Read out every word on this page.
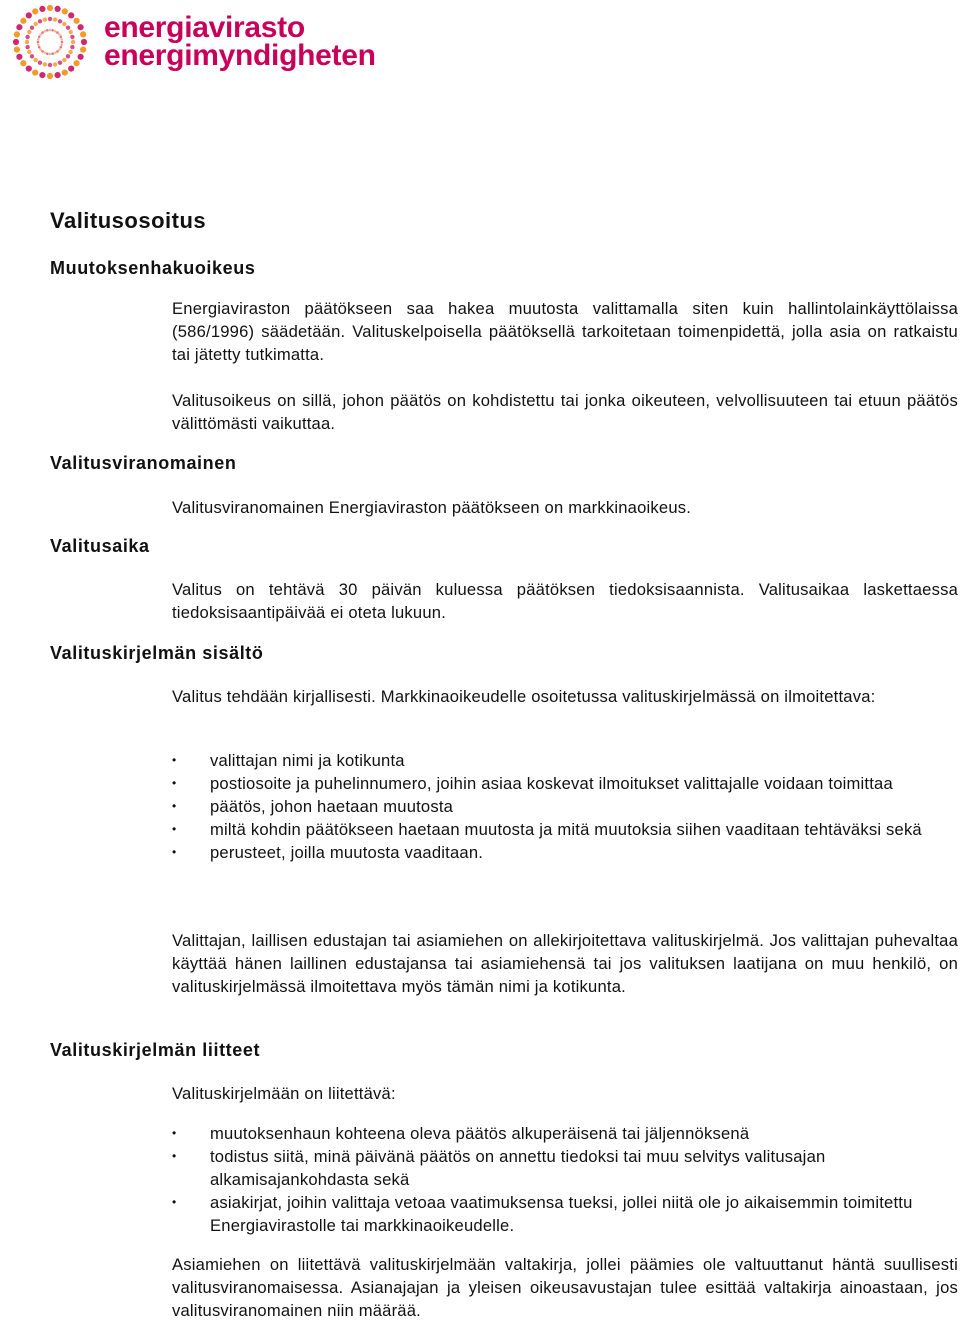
energiavirasto
energimyndigheten
Valitusosoitus
Muutoksenhakuoikeus
Valitusviranomainen
Valitusaika
Valituskirjelmän sisältö
Valituskirjelmän liitteet

Energiaviraston päätökseen saa hakea muutosta valittamalla siten kuin hallintolainkäyttölaissa (586/1996) säädetään. Valituskelpoisella päätöksellä tarkoitetaan toimenpidettä, jolla asia on ratkaistu tai jätetty tutkimatta.

Valitusoikeus on sillä, johon päätös on kohdistettu tai jonka oikeuteen, velvollisuuteen tai etuun päätös välittömästi vaikuttaa.

Valitusviranomainen Energiaviraston päätökseen on markkinaoikeus.

Valitus on tehtävä 30 päivän kuluessa päätöksen tiedoksisaannista. Valitusaikaa laskettaessa tiedoksisaantipäivää ei oteta lukuun.

Valitus tehdään kirjallisesti. Markkinaoikeudelle osoitetussa valituskirjelmässä on ilmoitettava:

• valittajan nimi ja kotikunta
• postiosoite ja puhelinnumero, joihin asiaa koskevat ilmoitukset valittajalle voidaan toimittaa
• päätös, johon haetaan muutosta
• miltä kohdin päätökseen haetaan muutosta ja mitä muutoksia siihen vaaditaan tehtäväksi sekä
• perusteet, joilla muutosta vaaditaan.

Valittajan, laillisen edustajan tai asiamiehen on allekirjoitettava valituskirjelmä. Jos valittajan puhevaltaa käyttää hänen laillinen edustajansa tai asiamiehensä tai jos valituksen laatijana on muu henkilö, on valituskirjelmässä ilmoitettava myös tämän nimi ja kotikunta.

Valituskirjelmään on liitettävä:

• muutoksenhaun kohteena oleva päätös alkuperäisenä tai jäljennöksenä
• todistus siitä, minä päivänä päätös on annettu tiedoksi tai muu selvitys valitusajan alkamisajankohdasta sekä
• asiakirjat, joihin valittaja vetoaa vaatimuksensa tueksi, jollei niitä ole jo aikaisemmin toimitettu Energiavirastolle tai markkinaoikeudelle.

Asiamiehen on liitettävä valituskirjelmään valtakirja, jollei päämies ole valtuuttanut häntä suullisesti valitusviranomaisessa. Asianajajan ja yleisen oikeusavustajan tulee esittää valtakirja ainoastaan, jos valitusviranomainen niin määrää.
